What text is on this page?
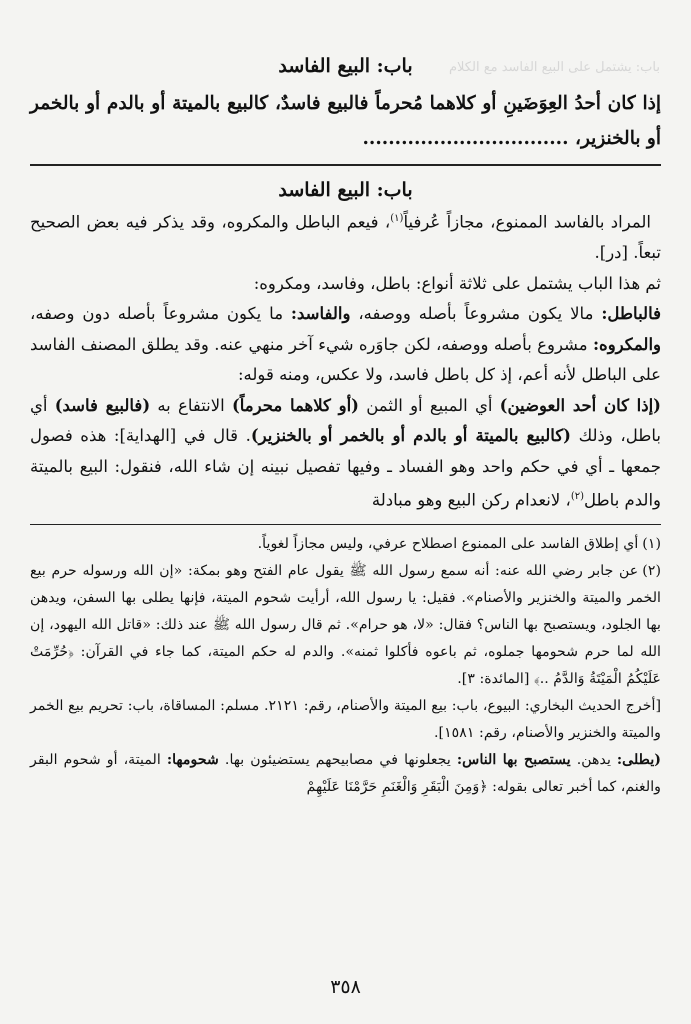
باب: يشتمل على البيع الفاسد مع الكلام
باب: البيع الفاسد

إذا كان أحدُ العِوَضَينِ أو كلاهما مُحرماً فالبيع فاسدٌ، كالبيع بالميتة أو بالدم أو بالخمر أو بالخنزير، ................................

باب: البيع الفاسد

المراد بالفاسد الممنوع، مجازاً عُرفياً$^{(١)}$، فيعم الباطل والمكروه، وقد يذكر فيه بعض الصحيح تبعاً. [در].

ثم هذا الباب يشتمل على ثلاثة أنواع: باطل، وفاسد، ومكروه:

فالباطل: مالا يكون مشروعاً بأصله ووصفه، والفاسد: ما يكون مشروعاً بأصله دون وصفه، والمكروه: مشروع بأصله ووصفه، لكن جاوَره شيء آخر منهي عنه. وقد يطلق المصنف الفاسد على الباطل لأنه أعم، إذ كل باطل فاسد، ولا عكس، ومنه قوله:

(إذا كان أحد العوضين) أي المبيع أو الثمن (أو كلاهما محرماً) الانتفاع به (فالبيع فاسد) أي باطل، وذلك (كالبيع بالميتة أو بالدم أو بالخمر أو بالخنزير). قال في [الهداية]: هذه فصول جمعها ـ أي في حكم واحد وهو الفساد ـ وفيها تفصيل نبينه إن شاء الله، فنقول: البيع بالميتة والدم باطل$^{(٢)}$، لانعدام ركن البيع وهو مبادلة

(١)أي إطلاق الفاسد على الممنوع اصطلاح عرفي، وليس مجازاً لغوياً.

(٢)عن جابر رضي الله عنه: أنه سمع رسول الله ﷺ يقول عام الفتح وهو بمكة: «إن الله ورسوله حرم بيع الخمر والميتة والخنزير والأصنام». فقيل: يا رسول الله، أرأيت شحوم الميتة، فإنها يطلى بها السفن، ويدهن بها الجلود، ويستصبح بها الناس؟ فقال: «لا، هو حرام». ثم قال رسول الله ﷺ عند ذلك: «قاتل الله اليهود، إن الله لما حرم شحومها جملوه، ثم باعوه فأكلوا ثمنه». والدم له حكم الميتة، كما جاء في القرآن: ﴿حُرِّمَتْ عَلَيْكُمُ الْمَيْتَةُ وَالدَّمُ ..﴾ [المائدة: ٣].

[أخرج الحديث البخاري: البيوع، باب: بيع الميتة والأصنام، رقم: ٢١٢١. مسلم: المساقاة، باب: تحريم بيع الخمر والميتة والخنزير والأصنام، رقم: ١٥٨١].

(يطلى: يدهن. يستصبح بها الناس: يجعلونها في مصابيحهم يستضيئون بها. شحومها: الميتة، أو شحوم البقر والغنم، كما أخبر تعالى بقوله: ﴿وَمِنَ الْبَقَرِ وَالْغَنَمِ حَرَّمْنَا عَلَيْهِمْ

٣٥٨
